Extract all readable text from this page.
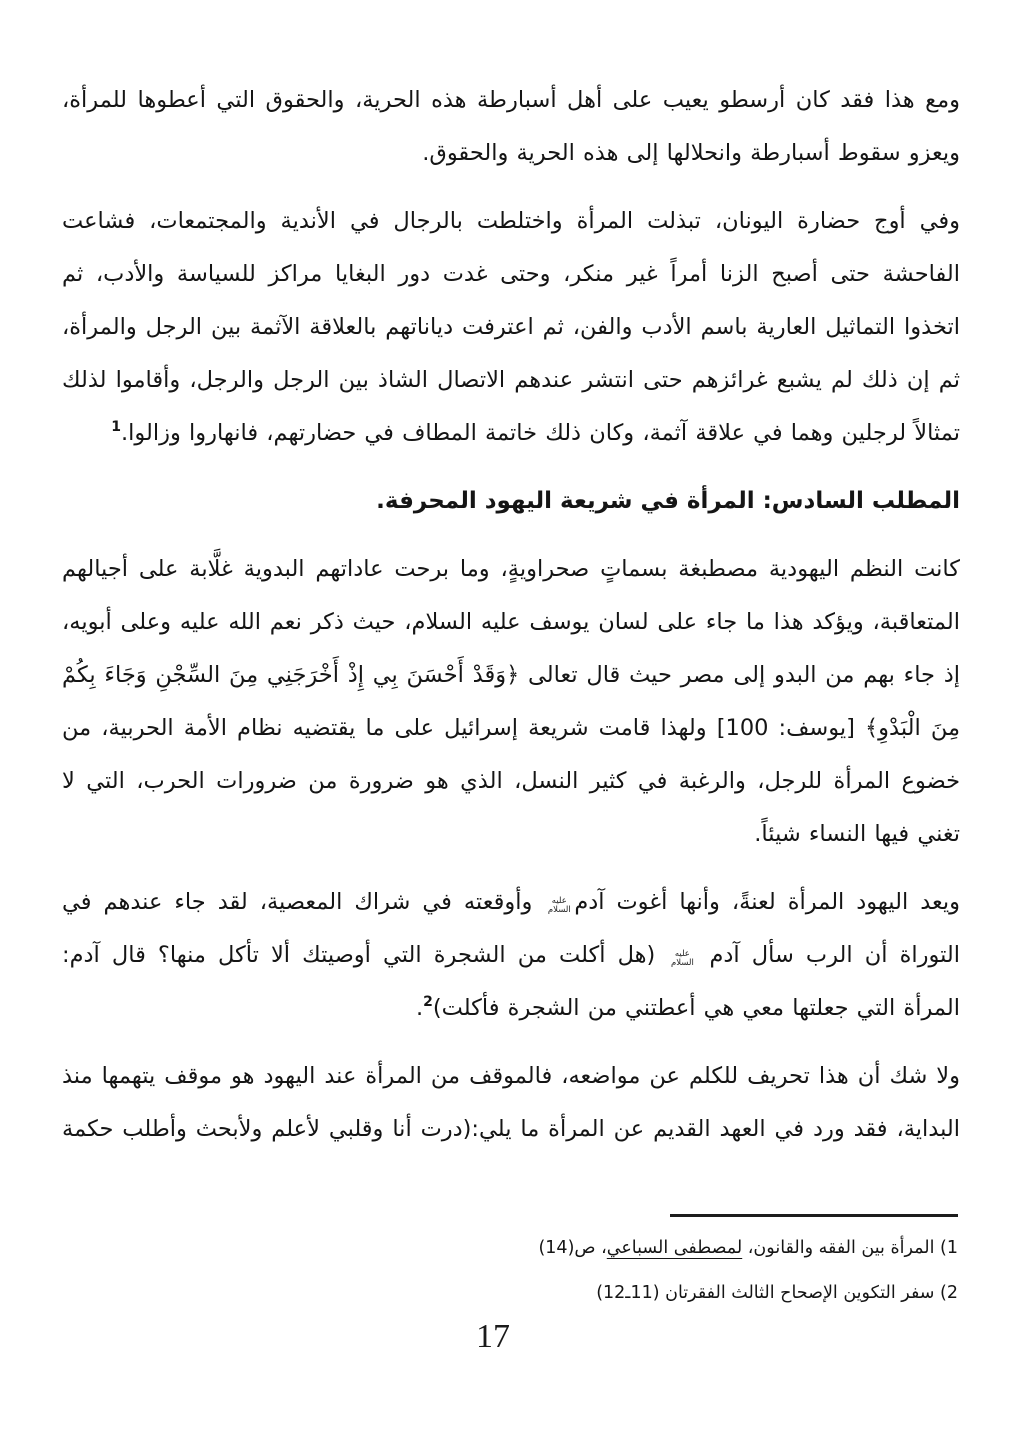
ومع هذا فقد كان أرسطو يعيب على أهل أسبارطة هذه الحرية، والحقوق التي أعطوها للمرأة، ويعزو سقوط أسبارطة وانحلالها إلى هذه الحرية والحقوق.
وفي أوج حضارة اليونان، تبذلت المرأة واختلطت بالرجال في الأندية والمجتمعات، فشاعت الفاحشة حتى أصبح الزنا أمراً غير منكر، وحتى غدت دور البغايا مراكز للسياسة والأدب، ثم اتخذوا التماثيل العارية باسم الأدب والفن، ثم اعترفت دياناتهم بالعلاقة الآثمة بين الرجل والمرأة، ثم إن ذلك لم يشبع غرائزهم حتى انتشر عندهم الاتصال الشاذ بين الرجل والرجل، وأقاموا لذلك تمثالاً لرجلين وهما في علاقة آثمة، وكان ذلك خاتمة المطاف في حضارتهم، فانهاروا وزالوا.$^1$
المطلب السادس: المرأة في شريعة اليهود المحرفة.
كانت النظم اليهودية مصطبغة بسماتٍ صحراويةٍ، وما برحت عاداتهم البدوية غلَّابة على أجيالهم المتعاقبة، ويؤكد هذا ما جاء على لسان يوسف عليه السلام، حيث ذكر نعم الله عليه وعلى أبويه، إذ جاء بهم من البدو إلى مصر حيث قال تعالى ﴿وَقَدْ أَحْسَنَ بِي إِذْ أَخْرَجَنِي مِنَ السِّجْنِ وَجَاءَ بِكُمْ مِنَ الْبَدْوِ﴾ [يوسف: 100] ولهذا قامت شريعة إسرائيل على ما يقتضيه نظام الأمة الحربية، من خضوع المرأة للرجل، والرغبة في كثير النسل، الذي هو ضرورة من ضرورات الحرب، التي لا تغني فيها النساء شيئاً.
ويعد اليهود المرأة لعنةً، وأنها أغوت آدمعليه السلام وأوقعته في شراك المعصية، لقد جاء عندهم في التوراة أن الرب سأل آدم عليه السلام (هل أكلت من الشجرة التي أوصيتك ألا تأكل منها؟ قال آدم: المرأة التي جعلتها معي هي أعطتني من الشجرة فأكلت)$^2$.
ولا شك أن هذا تحريف للكلم عن مواضعه، فالموقف من المرأة عند اليهود هو موقف يتهمها منذ البداية، فقد ورد في العهد القديم عن المرأة ما يلي:(درت أنا وقلبي لأعلم ولأبحث وأطلب حكمة
1) المرأة بين الفقه والقانون، لمصطفى السباعي، ص(14)
2) سفر التكوين الإصحاح الثالث الفقرتان (11ـ12)
17
